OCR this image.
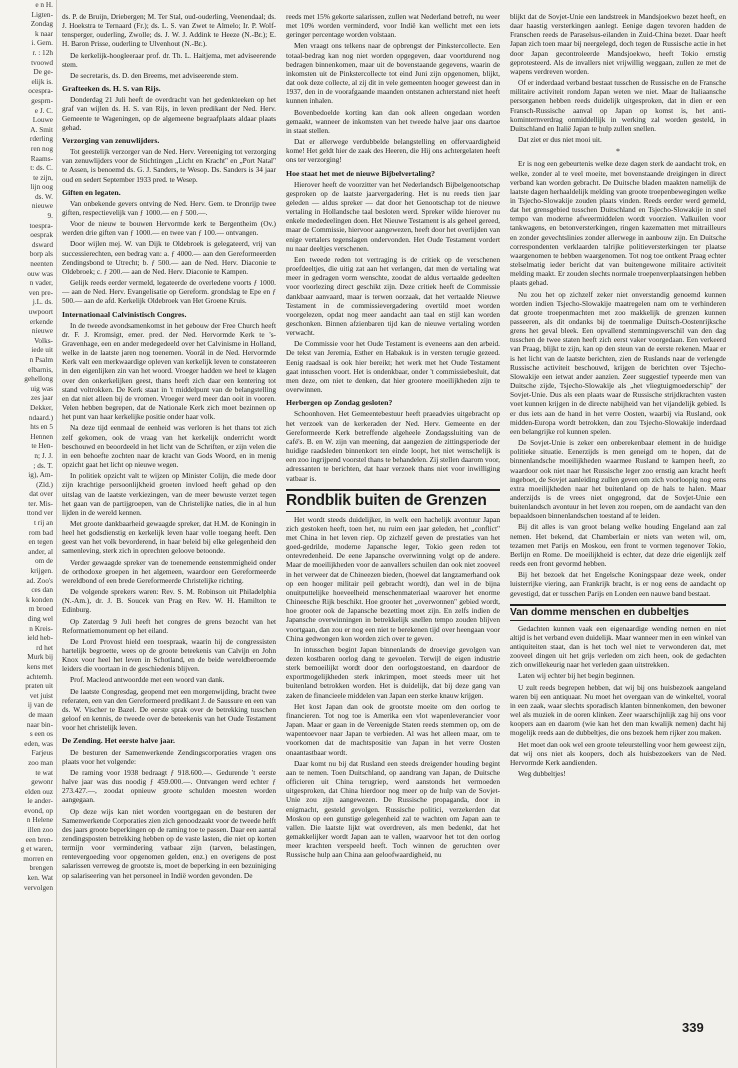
e n H.
Ligten-
Zondag
k naar
i. Gem.
r. : 12h
tvoowd
De ge-
elijk is.
ocespra-
gesprn-
e J. C.
Louwe
A. Smit
rderling
ren nog
Raams-
t: ds. C.
te zijn,
lijn oog
ds. W.
nieuwe
9.
toespra-
oesprak
dsward
borp als
neenten
ouw was
n vader,
ven pre-
j.L. ds.
uwpoort
erkende
nieuwe
Volks-
iede uit
n Psalm
elbarnis,
gehellong
uig was
zes jaar
Dekker,
ndaard.)
hts en 5
Hennen
te Hen-
n; J. J.
; ds. T.
ig), Am-
(Zld.)
dat over
ter. Mis-
ttond ver
t rij an
rom bad
en tegen
ander, al
om de
krijgen.
ad. Zoo's
ces dan
k konden
m broed
ding wel
n Kreis-
ield heb-
rd het
Murk bij
kens met
achtemh.
praten uit
vet juist
ij van de
de maan
naar bin-
s een os
eden, was
Farjeus
zoo man
te wat
gewonr
elden ouz
le ander-
evond, op
n Helene
illen zoo
een bren-
g et waren,
morren en
brengen
ken. Wat
vervolgen

ds. P. de Bruijn, Driebergen; M. Ter Stal, oud-ouderling, Veenendaal; ds. J. Hoekstra te Ternaard (Fr.); ds. L. S. van Zwet te Almelo; Ir. P. Wolf-tensperger, ouderling, Zwolle; ds. J. W. J. Addink te Heeze (N.-Br.); E. H. Baron Prisse, ouderling te Ulvenhout (N.-Br.).

De kerkelijk-hoogleeraar prof. dr. Th. L. Haitjema, met adviseerende stem.

De secretaris, ds. D. den Breems, met adviseerende stem.

Grafteeken ds. H. S. van Rijs.

Donderdag 21 Juli heeft de overdracht van het gedenkteeken op het graf van wijlen ds. H. S. van Rijs, in leven predikant der Ned. Herv. Gemeente te Wageningen, op de algemeene begraafplaats aldaar plaats gehad.

Verzorging van zenuwlijders.

Tot geestelijk verzorger van de Ned. Herv. Vereeniging tot verzorging van zenuwlijders voor de Stichtingen „Licht en Kracht" en „Port Natal" te Assen, is benoemd ds. G. J. Sanders, te Wesop. Ds. Sanders is 34 jaar oud en sedert September 1933 pred. te Wesep.

Giften en legaten.

Van onbekende gevers ontving de Ned. Herv. Gem. te Dronrijp twee giften, respectievelijk van ƒ 1000.— en ƒ 500.—.

Voor de nieuw te bouwen Hervormde kerk te Bergentheim (Ov.) werden drie giften van ƒ 1000.— en twee van ƒ 100.— ontvangen.

Door wijlen mej. W. van Dijk te Oldebroek is gelegateerd, vrij van successierechten, een bedrag van: a. ƒ 4000.— aan den Gereformeerden Zendingsbond te Utrecht; b. ƒ 500.— aan de Ned. Herv. Diaconie te Oldebroek; c. ƒ 200.— aan de Ned. Herv. Diaconie te Kampen.

Gelijk reeds eerder vermeld, legateerde de overledene voorts ƒ 1000.— aan de Ned. Herv. Evangelisatie op Gereform. grondslag te Epe en ƒ 500.— aan de afd. Kerkelijk Oldebroek van Het Groene Kruis.

Internationaal Calvinistisch Congres.

In de tweede avondsamenkomst in het gebouw der Free Church heeft dr. F. J. Kromsigt, emer. pred. der Ned. Hervormde Kerk te 's-Gravenhage, een en ander medegedeeld over het Calvinisme in Holland, welke in de laatste jaren nog toenemen. Voorál in de Ned. Hervormde Kerk valt een merkwaardige opleven van kerkelijk leven te constateeren in den eigenlijken zin van het woord. Vroeger hadden we heel te klagen over den onkerkelijken geest, thans heeft zich daar een kentering tot stand voltrokken. De Kerk staat in 't middelpunt van de belangstelling en dat niet alleen bij de vromen. Vroeger werd meer dan ooit in vooren. Velen hebben begrepen, dat de Nationale Kerk zich moet bezinnen op het punt van haar kerkelijke positie onder haar volk.

Na deze tijd eenmaal de eenheid was verloren is het thans tot zich zelf gekomen, ook de vraag van het kerkelijk onderricht wordt beschouwd en beoordeeld in het licht van de Schriften, er zijn velen die in een behoefte zochten naar de kracht van Gods Woord, en in menig opzicht gaat het licht op nieuwe wegen.

In politiek opzicht valt te wijzen op Minister Colijn, die mede door zijn krachtige persoonlijkheid groeten invloed heeft gehad op den uitslag van de laatste verkiezingen, van de meer bewuste verzet tegen het gaan van de partijgroepen, van de Christelijke naties, die in al hun lijden in de wereld kennen.

Met groote dankbaarheid gewaagde spreker, dat H.M. de Koningin in heel het godsdienstig en kerkelijk leven haar volle toegang heeft. Den geest van het volk bevorderend, in haar beleid bij elke gelegenheid den samenleving, sterk zich in oprechten geloove betoonde.

Verder gewaagde spreker van de toenemende eenstemmigheid onder de orthodoxe groepen in het algemeen, waardoor een Gereformeerde wereldbond of een brede Gereformeerde Christelijke richting.

De volgende sprekers waren: Rev. S. M. Robinson uit Philadelphia (N.-Am.), dr. J. B. Soucek van Prag en Rev. W. H. Hamilton te Edinburg.

Op Zaterdag 9 Juli heeft het congres de grens bezocht van het Reformatiemonument op het eiland.

De Lord Provost hield een toespraak, waarin hij de congressisten hartelijk begroette, wees op de groote beteekenis van Calvijn en John Knox voor heel het leven in Schotland, en de beide wereldberoemde leiders die voortaan in de geschiedenis blijven.

Prof. Macleod antwoordde met een woord van dank.

De laatste Congresdag, geopend met een morgenwijding, bracht twee referaten, een van den Gereformeerd predikant J. de Saussure en een van ds. W. Vischer te Bazel. De eerste sprak over de betrekking tusschen geloof en kennis, de tweede over de beteekenis van het Oude Testament voor het christelijk leven.

De Zending. Het eerste halve jaar.

De besturen der Samenwerkende Zendingscorporaties vragen ons plaats voor het volgende:

De raming voor 1938 bedraagt ƒ 918.600.—. Gedurende 't eerste halve jaar was dus noodig ƒ 459.000.—. Ontvangen werd echter ƒ 273.427.—, zoodat opnieuw groote schulden moesten worden aangegaan.

Op deze wijs kan niet worden voortgegaan en de besturen der Samenwerkende Corporaties zien zich genoodzaakt voor de tweede helft des jaars groote beperkingen op de raming toe te passen. Daar een aantal zendingsposten betrekking hebben op de vaste lasten, die niet op korten termijn voor vermindering vatbaar zijn (tarven, belastingen, rentevergoeding voor opgenomen gelden, enz.) en overigens de post salarissen verreweg de grootste is, moet de beperking in een bezuiniging op salariseering van het personeel in Indië worden gevonden. De

reeds met 15% gekorte salarissen, zullen wat Nederland betreft, nu weer met 10% worden verminderd, voor Indië kan wellicht met een iets geringer percentage worden volstaan.

Men vraagt ons telkens naar de opbrengst der Pinkstercollecte. Een totaal-bedrag kan nog niet worden opgegeven, daar voortdurend nog bedragen binnenkomen, maar uit de bovenstaande gegevens, waarin de inkomsten uit de Pinkstercollecte tot eind Juni zijn opgenomen, blijkt, dat ook deze collecte, al zij dit in vele gemeenten hooger geweest dan in 1937, den in de voorafgaande maanden ontstanen achterstand niet heeft kunnen inhalen.

Bovenbedoelde korting kan dan ook alleen ongedaan worden gemaakt, wanneer de inkomsten van het tweede halve jaar ons daartoe in staat stellen.

Dat er allerwege verdubbelde belangstelling en offervaardigheid kome! Het geldt hier de zaak des Heeren, die Hij ons achtergelaten heeft ons ter verzorging!

Hoe staat het met de nieuwe Bijbelvertaling?

Hierover heeft de voorzitter van het Nederlandsch Bijbelgenootschap gesproken op de laatste jaarvergadering. Het is nu reeds tien jaar geleden — aldus spreker — dat door het Genootschap tot de nieuwe vertaling in Hollandsche taal besloten werd. Spreker wilde hierover nu enkele mededeelingen doen. Het Nieuwe Testament is als geheel gereed, maar de Commissie, hiervoor aangewezen, heeft door het overlijden van enige vertalers tegenslagen ondervonden. Het Oude Testament vordert nu naar deeltjes verschenen.

Een tweede reden tot vertraging is de critiek op de verschenen proefdeeltjes, die uitig zat aan het verlangen, dat men de vertaling wat meer in gedragen vorm wenschte, zoodat de aldus vertaalde gedeelten voor voorlezing direct geschikt zijn. Deze critiek heeft de Commissie dankbaar aanvaard, maar is terwen oorzaak, dat het vertaalde Nieuwe Testament in de commissievergadering overtild moet worden voorgelezen, opdat nog meer aandacht aan taal en stijl kan worden geschonken. Binnen afzienbaren tijd kan de nieuwe vertaling worden verwacht.

De Commissie voor het Oude Testament is eveneens aan den arbeid. De tekst van Jeremia, Esther en Habakuk is in versten terugie gezeed. Eenig raadsaal is ook hier bereikt; het werk met het Oude Testament gaat intusschen voort. Het is ondenkbaar, onder 't commissiebesluit, dat men deze, om niet te denken, dat hier grootere moeilijkheden zijn te overwinnen.

Herbergen op Zondag gesloten?

Schoonhoven. Het Gemeentebestuur heeft praeadvies uitgebracht op het verzoek van de kerkeraden der Ned. Herv. Gemeente en der Gereformeerde Kerk betreffende algeheele Zondagssluiting van de café's. B. en W. zijn van meening, dat aangezien de zittingsperiode der huidige raadsleden binnenkort ten einde loopt, het niet wenschelijk is een zoo ingrijpend voorstel thans te behandelen. Zij stellen daarom voor, adressanten te berichten, dat haar verzoek thans niet voor inwilliging vatbaar is.

Rondblik buiten de Grenzen

Het wordt steeds duidelijker, in welk een hachelijk avontuur Japan zich gestoken heeft, toen het, nu ruim een jaar geleden, het „conflict" met China in het leven riep. Op zichzelf geven de prestaties van het goed-gedrilde, moderne Japansche leger, Tokio geen reden tot ontevredenheid. De eene Japansche overwinning volgt op de andere. Maar de moeilijkheden voor de aanvallers schuilen dan ook niet zooveel in het verweer dat de Chineezen bieden, (hoewel dat langzamerhand ook op een hooger militair peil gebracht wordt), dan wel in de bijna onuitputtelijke hoeveelheid menschenmateriaal waarover het enorme Chineesche Rijk beschikt. Hoe grooter het „overwonnen" gebied wordt, hoe grooter ook de Japansche bezetting moet zijn. En zelfs indien de Japansche overwinningen in betrekkelijk snellen tempo zouden blijven voortgaan, dan zou er nog een niet te berekenen tijd over heengaan voor China gedwongen kon worden zich over te geven.

In intusschen begint Japan binnenlands de droevige gevolgen van dezen kostbaren oorlog dang te gevoelen. Terwijl de eigen industrie sterk bemoeilijkt wordt door den oorlogstoestand, en daardoor de exportmogelijkheden sterk inkrimpen, moet steeds meer uit het buitenland betrokken worden. Het is duidelijk, dat bij deze gang van zaken de financieele middelen van Japan een sterke knauw krijgen.

Het kost Japan dan ook de grootste moeite om den oorlog te financieren. Tot nog toe is Amerika een vlot wapenleverancier voor Japan. Maar er gaan in de Vereenigde Staten reeds stemmen op, om de wapentoevoer naar Japan te verbieden. Al was het alleen maar, om te voorkomen dat de machtspositie van Japan in het verre Oosten onaantastbaar wordt.

Daar komt nu bij dat Rusland een steeds dreigender houding begint aan te nemen. Toen Duitschland, op aandrang van Japan, de Duitsche officieren uit China terugriep, werd aanstonds het vermoeden uitgesproken, dat China hierdoor nog meer op de hulp van de Sovjet-Unie zou zijn aangewezen. De Russische propaganda, door in enigmacht, gesteld gevolgen. Russische politici, verzekerden dat Moskou op een gunstige gelegenheid zal te wachten om Japan aan te vallen. Die laatste lijkt wat overdreven, als men bedenkt, dat het gemakkelijker wordt Japan aan te vallen, waarvoor het tot den oorlog meer krachten verspeeld heeft. Toch winnen de geruchten over Russische hulp aan China aan geloofwaardigheid, nu

blijkt dat de Sovjet-Unie een landstreek in Mandsjoekwo bezet heeft, en daar haastig versterkingen aanlegt. Eenige dagen tevoren hadden de Franschen reeds de Paraselsus-eilanden in Zuid-China bezet. Daar heeft Japan zich toen maar bij neergelegd, doch tegen de Russische actie in het door Japan gecontroleerde Mandsjoekwo, heeft Tokio ernstig geprotesteerd. Als de invallers niet vrijwillig weggaan, zullen ze met de wapens verdreven worden.

Of er inderdaad verband bestaat tusschen de Russische en de Fransche militaire activiteit rondom Japan weten we niet. Maar de Italiaansche persorganen hebben reeds duidelijk uitgesproken, dat in dien er een Fransch-Russische aanval op Japan op komst is, het anti-kominternverdrag onmiddellijk in werking zal worden gesteld, in Duitschland en Italië Japan te hulp zullen snellen.

Dat ziet er dus niet mooi uit.

*

Er is nog een gebeurtenis welke deze dagen sterk de aandacht trok, en welke, zonder al te veel moeite, met bovenstaande dreigingen in direct verband kan worden gebracht. De Duitsche bladen maakten namelijk de laatste dagen herhaaldelijk melding van groote troepenbewegingen welke in Tsjecho-Slowakije zouden plaats vinden. Reeds eerder werd gemeld, dat het grensgebied tusschen Duitschland en Tsjecho-Slowakije in snel tempo van moderne afweermiddelen wordt voorzien. Valkuilen voor tankwagens, en betonversterkingen, ringen kazematten met mitrailleurs en zonder gevechtslinies zonder allerwege in aanbouw zijn. En Duitsche correspondenten verklaarden talrijke politieversterkingen ter plaatse waargenomen te hebben waargenomen. Tot nog toe ontkent Praag echter stelselmatig ieder bericht dat van buitengewone militaire activiteit melding maakt. Er zouden slechts normale troepenverplaatsingen hebben plaats gehad.

Nu zou het op zichzelf zeker niet onverstandig genoemd kunnen worden indien Tsjecho-Slowakije maatregelen nam om te verhinderen dat groote troepenmachten met zoo makkelijk de grenzen kunnen passeeren, als dit ondanks bij de toenmalige Duitsch-Oostenrijksche grens het geval bleek. Een opvallend stemmingsverschil van den dag tusschen de twee staten heeft zich eerst vaker voorgedaan. Een verkeerd van Praag, blijkt te zijn, kan op den steun van de eerste rekenen. Maar er is het licht van de laatste berichten, zien de Ruslands naar de verlengde Russische activiteit beschouwd, krijgen de berichten over Tsjecho-Slowakije een ietwat ander aanzien. Zeer suggestief typeerde men van Duitsche zijde, Tsjecho-Slowakije als „het vliegtuigmoederschip" der Sovjet-Unie. Dus als een plaats waar de Russische strijdkrachten vasten voet kunnen krijgen in de directe nabijheid van het vijandelijk gebied. Is er dus iets aan de hand in het verre Oosten, waarbij via Rusland, ook midden-Europa wordt betrokken, dan zou Tsjecho-Slowakije inderdaad een belangrijke rol kunnen spelen.

De Sovjet-Unie is zeker een onberekenbaar element in de huidige politieke situatie. Eenerzijds is men geneigd om te hopen, dat de binnenlandsche moeilijkheden waarmee Rusland te kampen heeft, zo waardoor ook niet naar het Russische leger zoo ernstig aan kracht heeft ingeboet, de Sovjet aanleiding zullen geven om zich voorloopig nog eens extra moeilijkheden naar het buitenland op de hals te halen. Maar anderzijds is de vrees niet ongegrond, dat de Sovjet-Unie een buitenlandsch avontuur in het leven zou roepen, om de aandacht van den bepaaldsoen binnenlandschen toestand af te leiden.

Bij dit alles is van groot belang welke houding Engeland aan zal nemen. Het bekend, dat Chamberlain er niets van weten wil, om, tezamen met Parijs en Moskou, een front te vormen tegenover Tokio, Berlijn en Rome. De moeilijkheid is echter, dat deze drie eigenlijk zelf reeds een front gevormd hebben.

Bij het bezoek dat het Engelsche Koningspaar deze week, onder luisterrijke viering, aan Frankrijk bracht, is er nog eens de aandacht op gevestigd, dat er tusschen Parijs en Londen een nauwe band bestaat.

Van domme menschen en dubbeltjes

Gedachten kunnen vaak een eigenaardige wending nemen en niet altijd is het verband even duidelijk. Maar wanneer men in een winkel van antiquiteiten staat, dan is het toch wel niet te verwonderen dat, met zooveel dingen uit het grijs verleden om zich heen, ook de gedachten zich onwillekeurig naar het verleden gaan uitstrekken.

Laten wij echter bij het begin beginnen.

U zult reeds begrepen hebben, dat wij bij ons huisbezoek aangeland waren bij een antiquaar. Nu moet het overgaan van de winkeltel, vooral in een zaak, waar slechts sporadisch klanten binnenkomen, den bewoner wel als muziek in de ooren klinken. Zeer waarschijnlijk zag hij ons voor koopers aan en daarom (wie kan het den man kwalijk nemen) dacht hij mogelijk reeds aan de dubbeltjes, die ons bezoek hem rijker zou maken.

Het moet dan ook wel een groote teleurstelling voor hem geweest zijn, dat wij ons niet als koopers, doch als huisbezoekers van de Ned. Hervormde Kerk aandienden.

Weg dubbeltjes!

339
